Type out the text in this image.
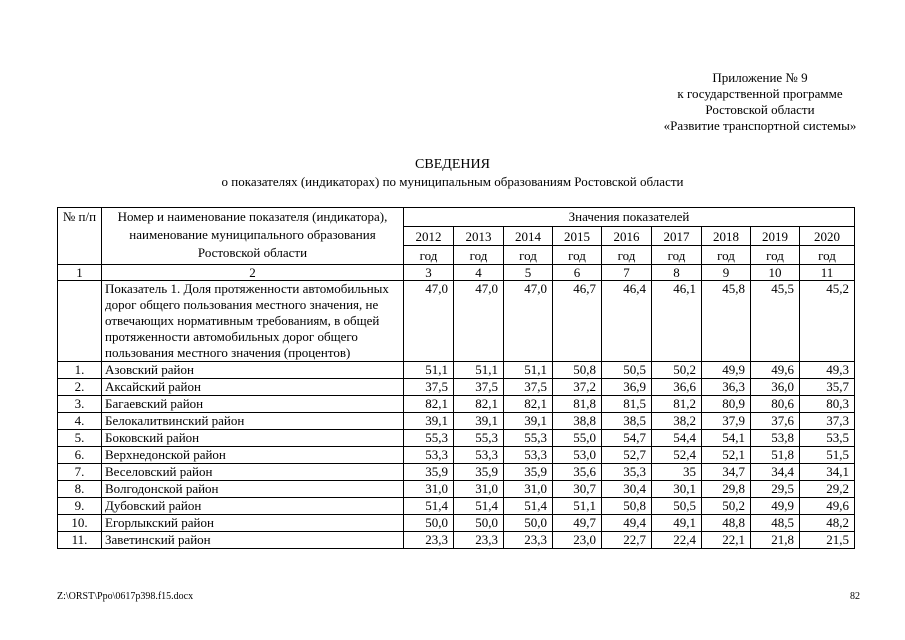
Приложение № 9
к государственной программе
Ростовской области
«Развитие транспортной системы»
СВЕДЕНИЯ
о показателях (индикаторах) по муниципальным образованиям Ростовской области
№ п/п	Номер и наименование показателя (индикатора), наименование муниципального образования Ростовской области	Значения показателей								
		2012	2013	2014	2015	2016	2017	2018	2019	2020
		год	год	год	год	год	год	год	год	год
1	2	3	4	5	6	7	8	9	10	11
	Показатель 1. Доля протяженности автомобильных дорог общего пользования местного значения, не отвечающих нормативным требованиям, в общей протяженности автомобильных дорог общего пользования местного значения (процентов)	47,0	47,0	47,0	46,7	46,4	46,1	45,8	45,5	45,2
1.	Азовский район	51,1	51,1	51,1	50,8	50,5	50,2	49,9	49,6	49,3
2.	Аксайский район	37,5	37,5	37,5	37,2	36,9	36,6	36,3	36,0	35,7
3.	Багаевский район	82,1	82,1	82,1	81,8	81,5	81,2	80,9	80,6	80,3
4.	Белокалитвинский район	39,1	39,1	39,1	38,8	38,5	38,2	37,9	37,6	37,3
5.	Боковский район	55,3	55,3	55,3	55,0	54,7	54,4	54,1	53,8	53,5
6.	Верхнедонской район	53,3	53,3	53,3	53,0	52,7	52,4	52,1	51,8	51,5
7.	Веселовский район	35,9	35,9	35,9	35,6	35,3	35	34,7	34,4	34,1
8.	Волгодонской район	31,0	31,0	31,0	30,7	30,4	30,1	29,8	29,5	29,2
9.	Дубовский район	51,4	51,4	51,4	51,1	50,8	50,5	50,2	49,9	49,6
10.	Егорлыкский район	50,0	50,0	50,0	49,7	49,4	49,1	48,8	48,5	48,2
11.	Заветинский район	23,3	23,3	23,3	23,0	22,7	22,4	22,1	21,8	21,5
Z:\ORST\Ppo\0617p398.f15.docx	82
